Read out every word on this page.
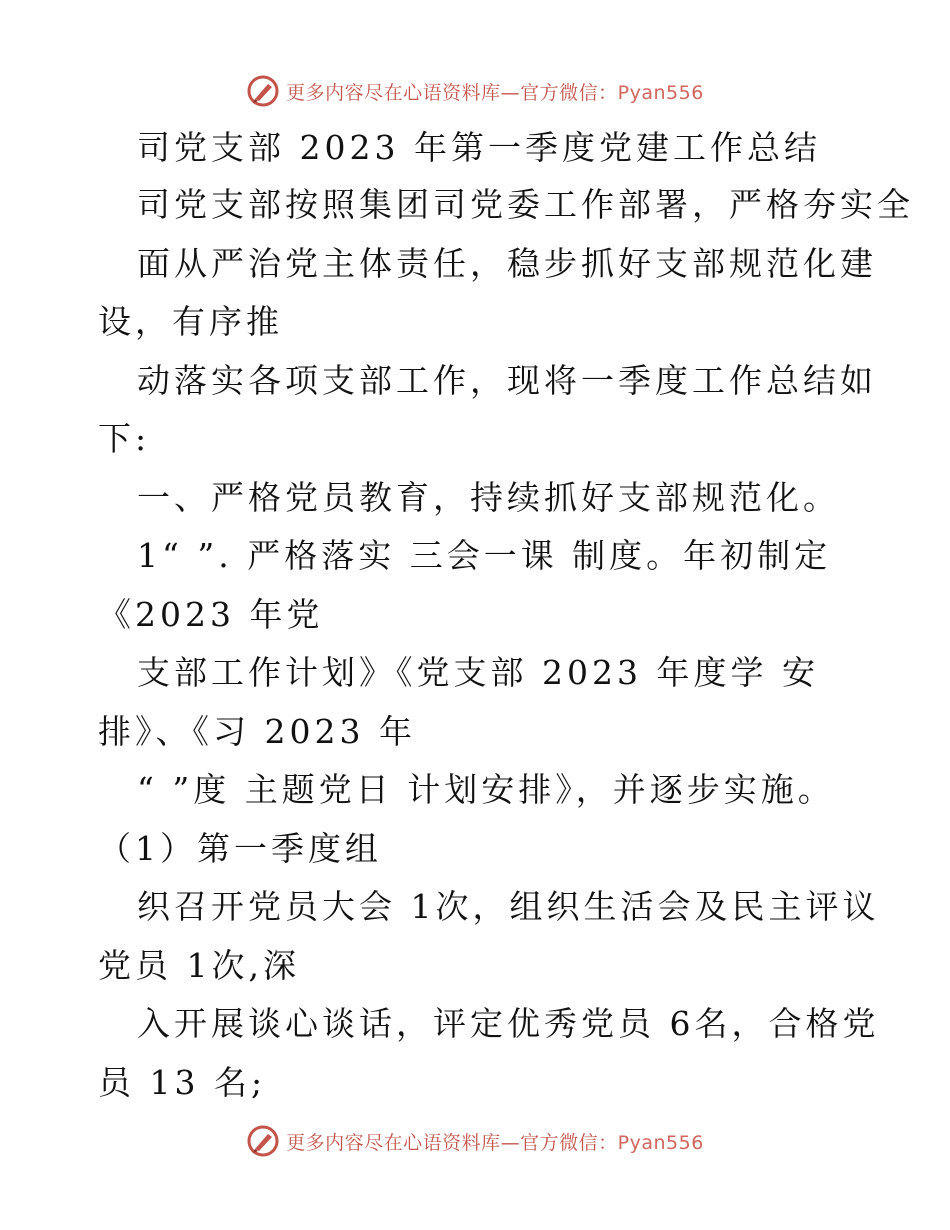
更多内容尽在心语资料库—官方微信：Pyan556
司党支部 2023 年第一季度党建工作总结
司党支部按照集团司党委工作部署，严格夯实全
面从严治党主体责任，稳步抓好支部规范化建
设，有序推
动落实各项支部工作，现将一季度工作总结如
下:
一、严格党员教育，持续抓好支部规范化。
1“ ”. 严格落实 三会一课 制度。年初制定
《2023 年党
支部工作计划》《党支部 2023 年度学 安
排》、《习 2023 年
“ ”度 主题党日 计划安排》，并逐步实施。
（1）第一季度组
织召开党员大会 1次，组织生活会及民主评议
党员 1次,深
入开展谈心谈话，评定优秀党员 6名，合格党
员 13 名;
更多内容尽在心语资料库—官方微信：Pyan556
